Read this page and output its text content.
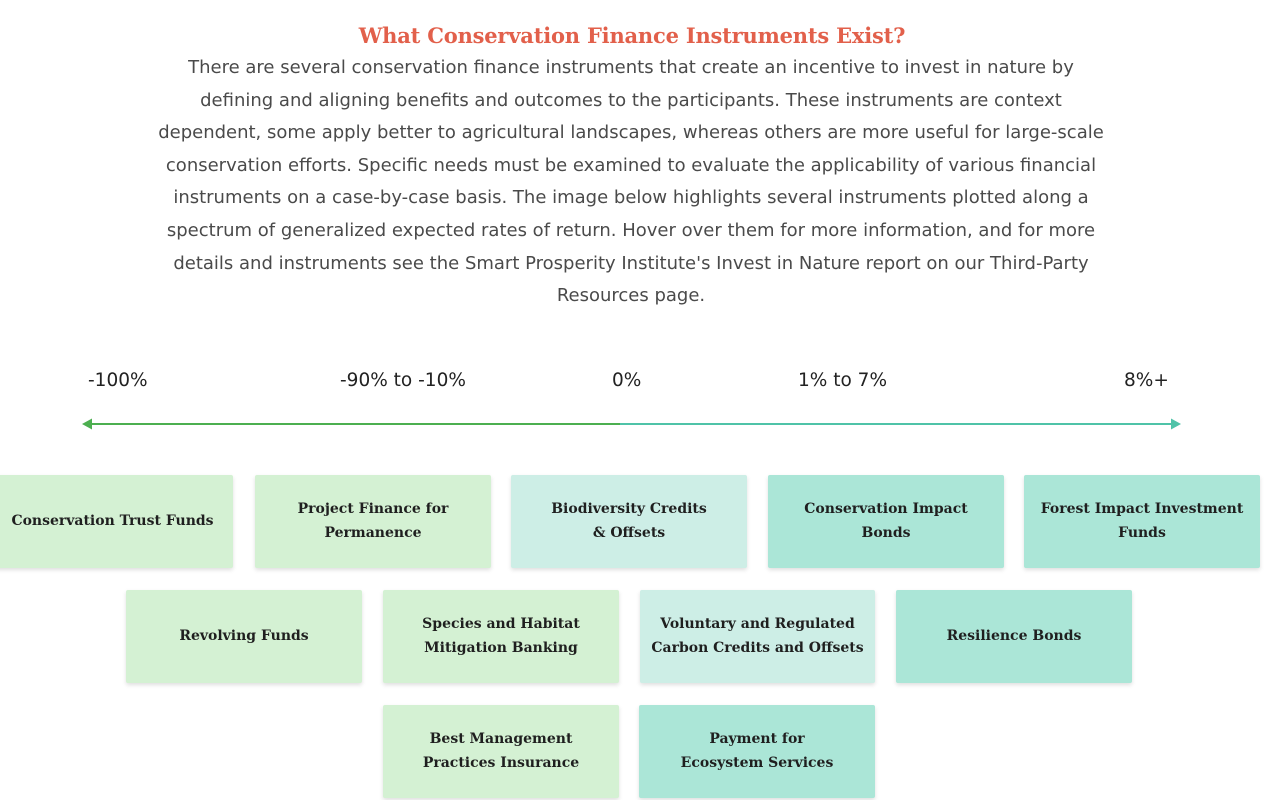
What Conservation Finance Instruments Exist?

There are several conservation finance instruments that create an incentive to invest in nature by defining and aligning benefits and outcomes to the participants. These instruments are context dependent, some apply better to agricultural landscapes, whereas others are more useful for large-scale conservation efforts. Specific needs must be examined to evaluate the applicability of various financial instruments on a case-by-case basis. The image below highlights several instruments plotted along a spectrum of generalized expected rates of return. Hover over them for more information, and for more details and instruments see the Smart Prosperity Institute's Invest in Nature report on our Third-Party Resources page.

-100%	-90% to -10%	0%	1% to 7%	8%+
Conservation Trust Funds
Project Finance for Permanence
Biodiversity Credits & Offsets
Conservation Impact Bonds
Forest Impact Investment Funds
Revolving Funds
Species and Habitat Mitigation Banking
Voluntary and Regulated Carbon Credits and Offsets
Resilience Bonds
Best Management Practices Insurance
Payment for Ecosystem Services
